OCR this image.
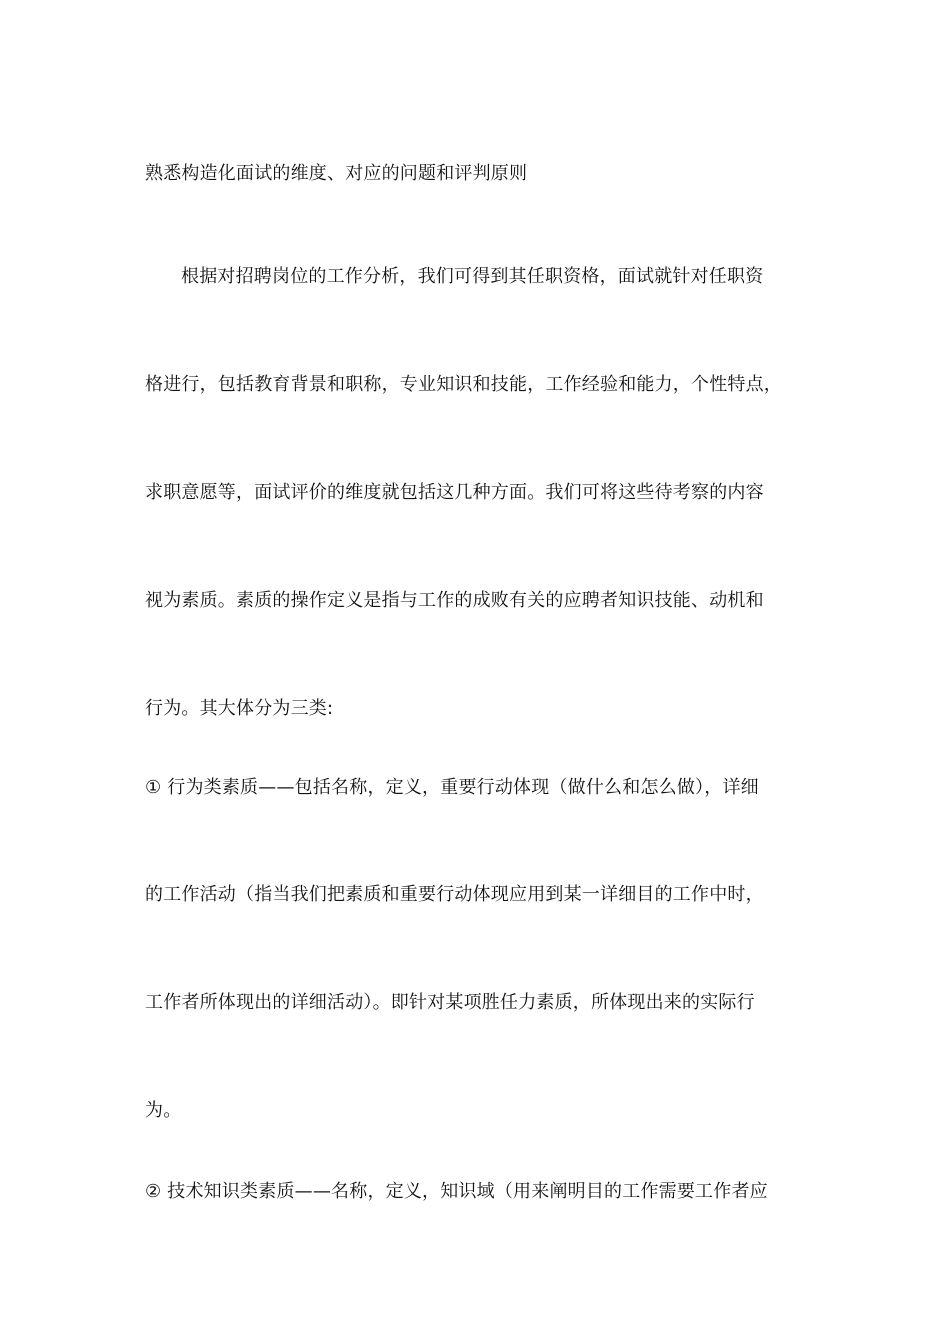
熟悉构造化面试的维度、对应的问题和评判原则
根据对招聘岗位的工作分析，我们可得到其任职资格，面试就针对任职资
格进行，包括教育背景和职称，专业知识和技能，工作经验和能力，个性特点，
求职意愿等，面试评价的维度就包括这几种方面。我们可将这些待考察的内容
视为素质。素质的操作定义是指与工作的成败有关的应聘者知识技能、动机和
行为。其大体分为三类:
① 行为类素质——包括名称，定义，重要行动体现（做什么和怎么做），详细
的工作活动（指当我们把素质和重要行动体现应用到某一详细目的工作中时，
工作者所体现出的详细活动）。即针对某项胜任力素质，所体现出来的实际行
为。
② 技术知识类素质——名称，定义，知识域（用来阐明目的工作需要工作者应
